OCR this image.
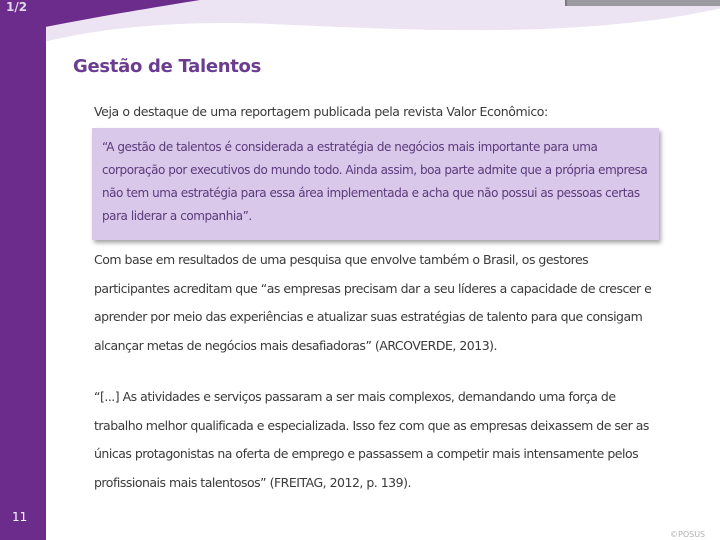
1/2
Gestão de Talentos
Veja o destaque de uma reportagem publicada pela revista Valor Econômico:

“A gestão de talentos é considerada a estratégia de negócios mais importante para uma corporação por executivos do mundo todo. Ainda assim, boa parte admite que a própria empresa não tem uma estratégia para essa área implementada e acha que não possui as pessoas certas para liderar a companhia”.

Com base em resultados de uma pesquisa que envolve também o Brasil, os gestores participantes acreditam que “as empresas precisam dar a seu líderes a capacidade de crescer e aprender por meio das experiências e atualizar suas estratégias de talento para que consigam alcançar metas de negócios mais desafiadoras” (ARCOVERDE, 2013).

“[...] As atividades e serviços passaram a ser mais complexos, demandando uma força de trabalho melhor qualificada e especializada. Isso fez com que as empresas deixassem de ser as únicas protagonistas na oferta de emprego e passassem a competir mais intensamente pelos profissionais mais talentosos” (FREITAG, 2012, p. 139).

11
©POSUS
